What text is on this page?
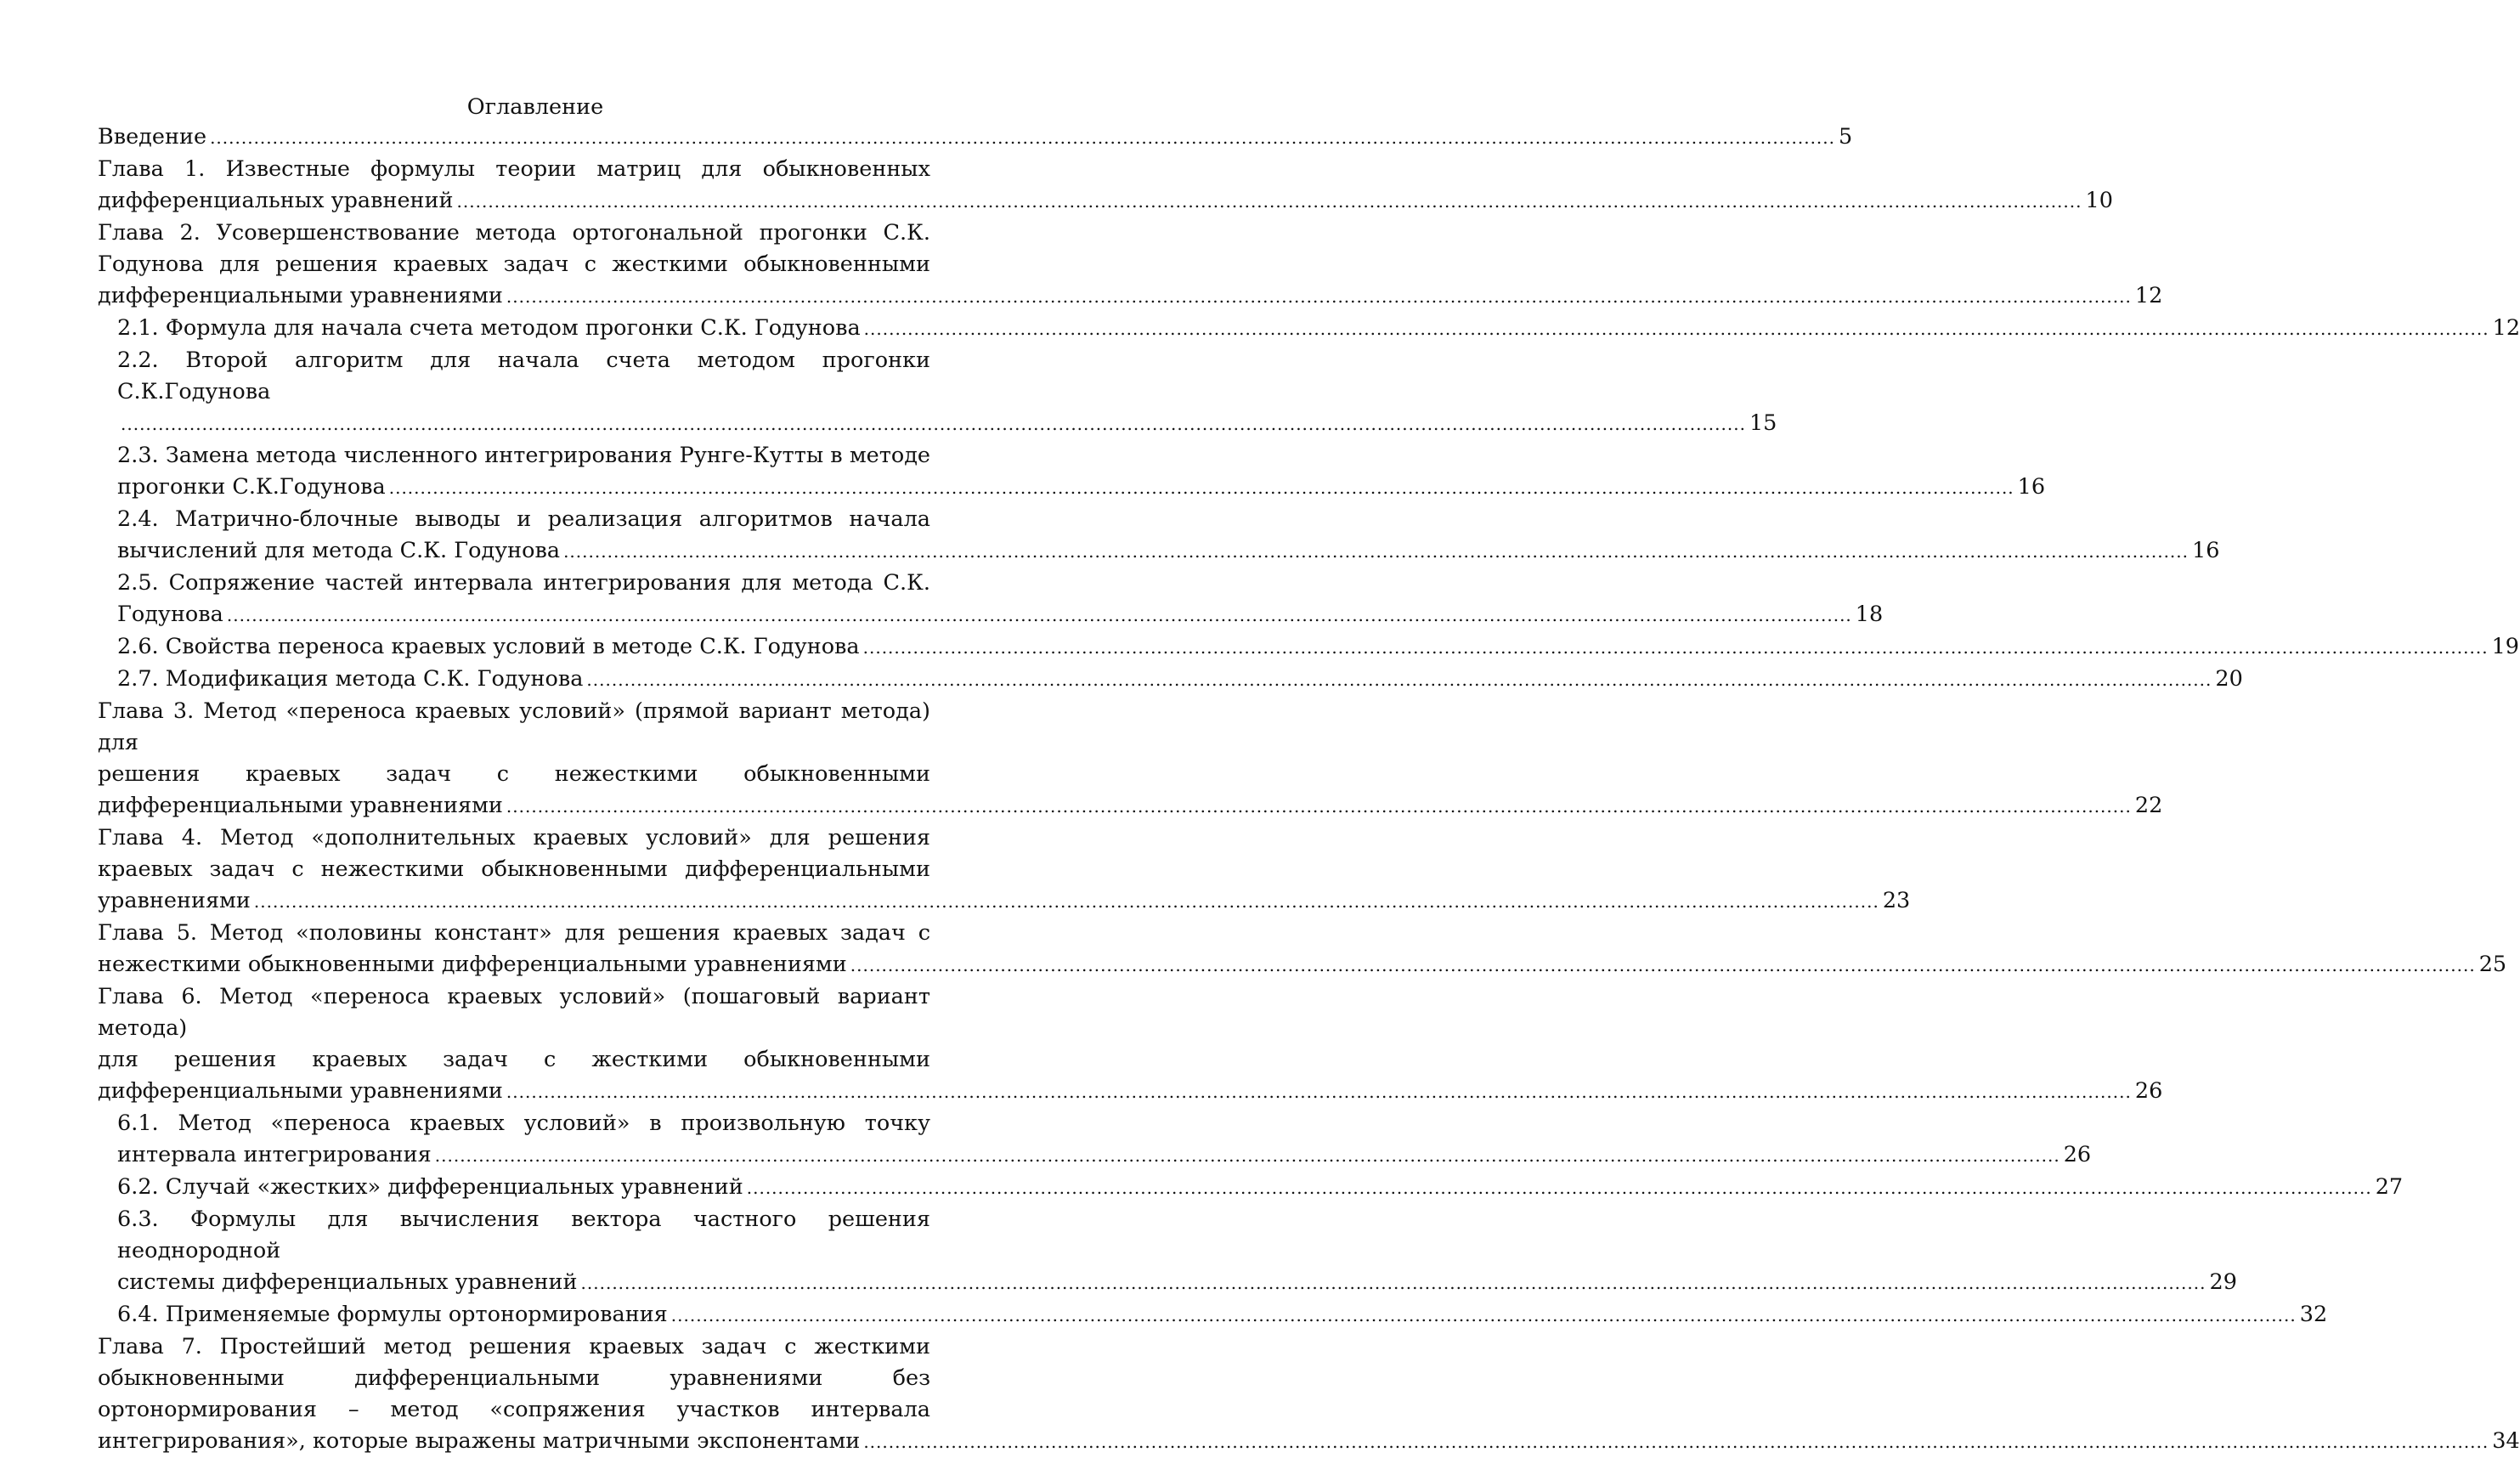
Оглавление
Введение .................................................................................................................................................................................................................................................................... 5
Глава 1. Известные формулы теории матриц для обыкновенных
дифференциальных уравнений .................................................................................................................................................................................................................................................................... 10
Глава 2. Усовершенствование метода ортогональной прогонки С.К.
Годунова для решения краевых задач с жесткими обыкновенными
дифференциальными уравнениями .................................................................................................................................................................................................................................................................... 12
2.1. Формула для начала счета методом прогонки С.К. Годунова .................................................................................................................................................................................................................................................................... 12
2.2. Второй алгоритм для начала счета методом прогонки С.К.Годунова
.................................................................................................................................................................................................................................................................... 15
2.3. Замена метода численного интегрирования Рунге-Кутты в методе
прогонки С.К.Годунова .................................................................................................................................................................................................................................................................... 16
2.4. Матрично-блочные выводы и реализация алгоритмов начала
вычислений для метода С.К. Годунова .................................................................................................................................................................................................................................................................... 16
2.5. Сопряжение частей интервала интегрирования для метода С.К.
Годунова .................................................................................................................................................................................................................................................................... 18
2.6. Свойства переноса краевых условий в методе С.К. Годунова .................................................................................................................................................................................................................................................................... 19
2.7. Модификация метода С.К. Годунова .................................................................................................................................................................................................................................................................... 20
Глава 3. Метод «переноса краевых условий» (прямой вариант метода) для
решения краевых задач с нежесткими обыкновенными
дифференциальными уравнениями .................................................................................................................................................................................................................................................................... 22
Глава 4. Метод «дополнительных краевых условий» для решения
краевых задач с нежесткими обыкновенными дифференциальными
уравнениями .................................................................................................................................................................................................................................................................... 23
Глава 5. Метод «половины констант» для решения краевых задач с
нежесткими обыкновенными дифференциальными уравнениями .................................................................................................................................................................................................................................................................... 25
Глава 6. Метод «переноса краевых условий» (пошаговый вариант метода)
для решения краевых задач с жесткими обыкновенными
дифференциальными уравнениями .................................................................................................................................................................................................................................................................... 26
6.1. Метод «переноса краевых условий» в произвольную точку
интервала интегрирования .................................................................................................................................................................................................................................................................... 26
6.2. Случай «жестких» дифференциальных уравнений .................................................................................................................................................................................................................................................................... 27
6.3. Формулы для вычисления вектора частного решения неоднородной
системы дифференциальных уравнений .................................................................................................................................................................................................................................................................... 29
6.4. Применяемые формулы ортонормирования .................................................................................................................................................................................................................................................................... 32
Глава 7. Простейший метод решения краевых задач с жесткими
обыкновенными дифференциальными уравнениями без
ортонормирования – метод «сопряжения участков интервала
интегрирования», которые выражены матричными экспонентами .................................................................................................................................................................................................................................................................... 34
